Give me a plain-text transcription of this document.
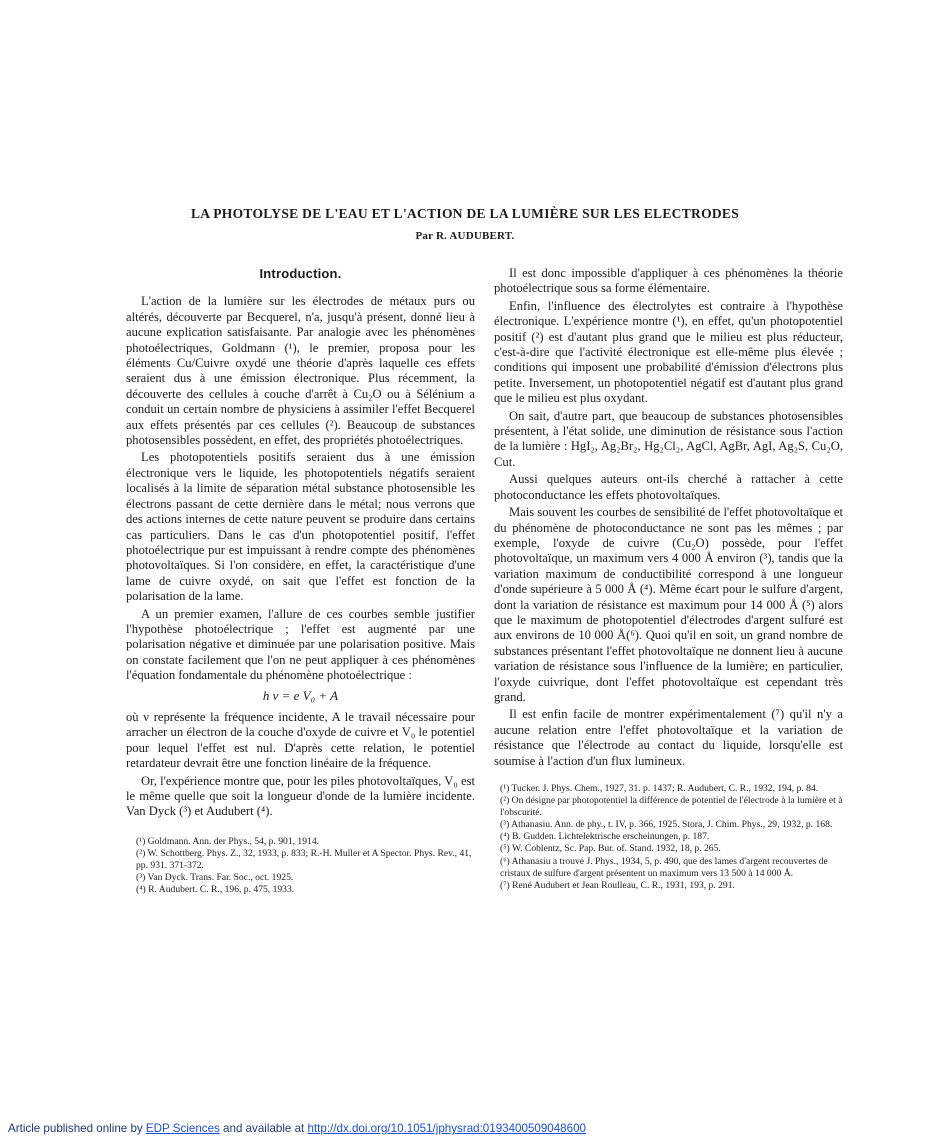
LA PHOTOLYSE DE L'EAU ET L'ACTION DE LA LUMIÈRE SUR LES ELECTRODES
Par R. AUDUBERT.
Introduction.

L'action de la lumière sur les électrodes de métaux purs ou altérés, découverte par Becquerel, n'a, jusqu'à présent, donné lieu à aucune explication satisfaisante. Par analogie avec les phénomènes photoélectriques, Goldmann (¹), le premier, proposa pour les éléments Cu/Cuivre oxydé une théorie d'après laquelle ces effets seraient dus à une émission électronique. Plus récemment, la découverte des cellules à couche d'arrêt à Cu₂O ou à Sélénium a conduit un certain nombre de physiciens à assimiler l'effet Becquerel aux effets présentés par ces cellules (²). Beaucoup de substances photosensibles possèdent, en effet, des propriétés photoélectriques.

Les photopotentiels positifs seraient dus à une émission électronique vers le liquide, les photopotentiels négatifs seraient localisés à la limite de séparation métal substance photosensible les électrons passant de cette dernière dans le métal; nous verrons que des actions internes de cette nature peuvent se produire dans certains cas particuliers. Dans le cas d'un photopotentiel positif, l'effet photoélectrique pur est impuissant à rendre compte des phénomènes photovoltaïques. Si l'on considère, en effet, la caractéristique d'une lame de cuivre oxydé, on sait que l'effet est fonction de la polarisation de la lame.

A un premier examen, l'allure de ces courbes semble justifier l'hypothèse photoélectrique ; l'effet est augmenté par une polarisation négative et diminuée par une polarisation positive. Mais on constate facilement que l'on ne peut appliquer à ces phénomènes l'équation fondamentale du phénomène photoélectrique :

h ν = e V₀ + A

où ν représente la fréquence incidente, A le travail nécessaire pour arracher un électron de la couche d'oxyde de cuivre et V₀ le potentiel pour lequel l'effet est nul. D'après cette relation, le potentiel retardateur devrait être une fonction linéaire de la fréquence.

Or, l'expérience montre que, pour les piles photovoltaïques, V₀ est le même quelle que soit la longueur d'onde de la lumière incidente. Van Dyck (³) et Audubert (⁴).

(¹) Goldmann. Ann. der Phys., 54, p. 901, 1914.
(²) W. Schottberg. Phys. Z., 32, 1933, p. 833; R.-H. Muller et A Spector. Phys. Rev., 41, pp. 931. 371-372.
(³) Van Dyck. Trans. Far. Soc., oct. 1925.
(⁴) R. Audubert. C. R., 196, p. 475, 1933.

Il est donc impossible d'appliquer à ces phénomènes la théorie photoélectrique sous sa forme élémentaire.

Enfin, l'influence des électrolytes est contraire à l'hypothèse électronique. L'expérience montre (¹), en effet, qu'un photopotentiel positif (²) est d'autant plus grand que le milieu est plus réducteur, c'est-à-dire que l'activité électronique est elle-même plus élevée ; conditions qui imposent une probabilité d'émission d'électrons plus petite. Inversement, un photopotentiel négatif est d'autant plus grand que le milieu est plus oxydant.

On sait, d'autre part, que beaucoup de substances photosensibles présentent, à l'état solide, une diminution de résistance sous l'action de la lumière : HgI₂, Ag₂Br₂, Hg₂Cl₂, AgCl, AgBr, AgI, Ag₂S, Cu₂O, Cut.

Aussi quelques auteurs ont-ils cherché à rattacher à cette photoconductance les effets photovoltaïques.

Mais souvent les courbes de sensibilité de l'effet photovoltaïque et du phénomène de photoconductance ne sont pas les mêmes ; par exemple, l'oxyde de cuivre (Cu₂O) possède, pour l'effet photovoltaïque, un maximum vers 4 000 Å environ (³), tandis que la variation maximum de conductibilité correspond à une longueur d'onde supérieure à 5 000 Å (⁴). Même écart pour le sulfure d'argent, dont la variation de résistance est maximum pour 14 000 Å (⁵) alors que le maximum de photopotentiel d'électrodes d'argent sulfuré est aux environs de 10 000 Å(⁶). Quoi qu'il en soit, un grand nombre de substances présentant l'effet photovoltaïque ne donnent lieu à aucune variation de résistance sous l'influence de la lumière; en particulier, l'oxyde cuivrique, dont l'effet photovoltaïque est cependant très grand.

Il est enfin facile de montrer expérimentalement (⁷) qu'il n'y a aucune relation entre l'effet photovoltaïque et la variation de résistance que l'électrode au contact du liquide, lorsqu'elle est soumise à l'action d'un flux lumineux.

(¹) Tucker. J. Phys. Chem., 1927, 31. p. 1437; R. Audubert, C. R., 1932, 194, p. 84.
(²) On désigne par photopotentiel la différence de potentiel de l'électrode à la lumière et à l'obscurité.
(³) Athanasiu. Ann. de phy., t. IV, p. 366, 1925. Stora, J. Chim. Phys., 29, 1932, p. 168.
(⁴) B. Gudden. Lichtelektrische erscheinungen, p. 187.
(⁵) W. Coblentz, Sc. Pap. Bur. of. Stand. 1932, 18, p. 265.
(⁶) Athanasiu a trouvé J. Phys., 1934, 5, p. 490, que des lames d'argent recouvertes de cristaux de sulfure d'argent présentent un maximum vers 13 500 à 14 000 Å.
(⁷) René Audubert et Jean Roulleau, C. R., 1931, 193, p. 291.
Article published online by EDP Sciences and available at http://dx.doi.org/10.1051/jphysrad:0193400509048600
